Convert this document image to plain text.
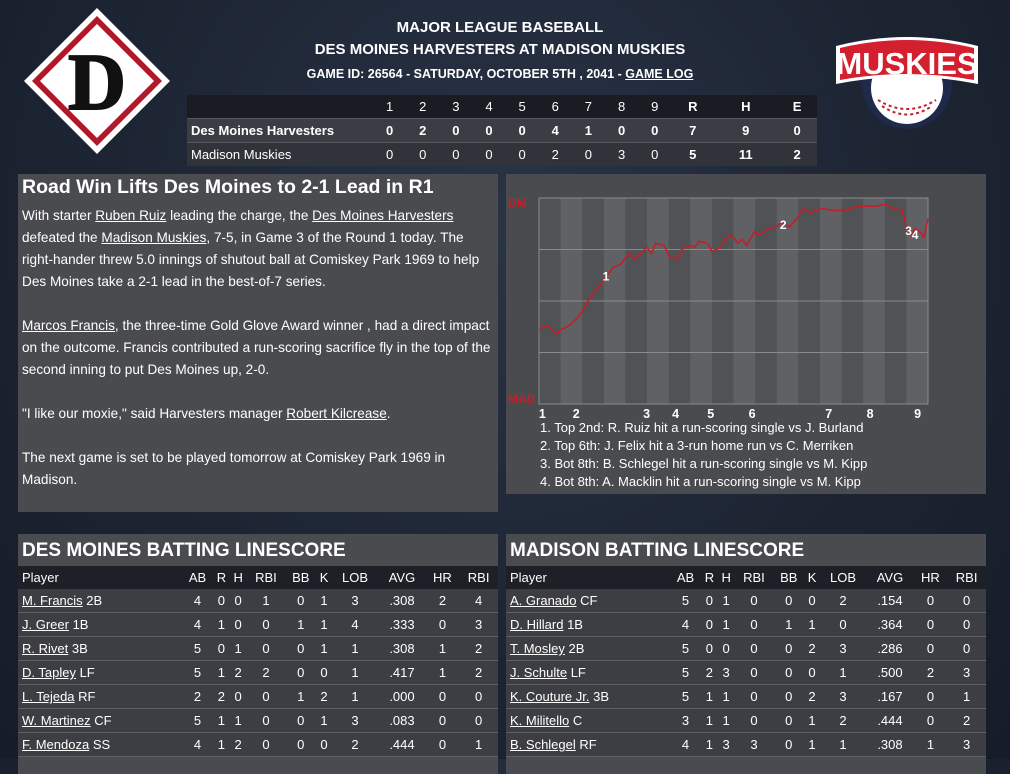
MAJOR LEAGUE BASEBALL
DES MOINES HARVESTERS AT MADISON MUSKIES
GAME ID: 26564 - SATURDAY, OCTOBER 5TH , 2041 - GAME LOG
D	MUSKIES
	1	2	3	4	5	6	7	8	9	R	H	E
Des Moines Harvesters	0	2	0	0	0	4	1	0	0	7	9	0
Madison Muskies	0	0	0	0	0	2	0	3	0	5	11	2
Road Win Lifts Des Moines to 2-1 Lead in R1

With starter Ruben Ruiz leading the charge, the Des Moines Harvesters defeated the Madison Muskies, 7-5, in Game 3 of the Round 1 today. The right-hander threw 5.0 innings of shutout ball at Comiskey Park 1969 to help Des Moines take a 2-1 lead in the best-of-7 series.

Marcos Francis, the three-time Gold Glove Award winner , had a direct impact on the outcome. Francis contributed a run-scoring sacrifice fly in the top of the second inning to put Des Moines up, 2-0.

"I like our moxie," said Harvesters manager Robert Kilcrease.

The next game is set to be played tomorrow at Comiskey Park 1969 in Madison.

DM
MAD
1
2	3 4
1 2	3 4 5	6	7	8	9
1. Top 2nd: R. Ruiz hit a run-scoring single vs J. Burland
2. Top 6th: J. Felix hit a 3-run home run vs C. Merriken
3. Bot 8th: B. Schlegel hit a run-scoring single vs M. Kipp
4. Bot 8th: A. Macklin hit a run-scoring single vs M. Kipp
DES MOINES BATTING LINESCORE
Player	AB	R	H	RBI	BB	K	LOB	AVG	HR	RBI
M. Francis 2B	4	0	0	1	0	1	3	.308	2	4
J. Greer 1B	4	1	0	0	1	1	4	.333	0	3
R. Rivet 3B	5	0	1	0	0	1	1	.308	1	2
D. Tapley LF	5	1	2	2	0	0	1	.417	1	2
L. Tejeda RF	2	2	0	0	1	2	1	.000	0	0
W. Martinez CF	5	1	1	0	0	1	3	.083	0	0
F. Mendoza SS	4	1	2	0	0	0	2	.444	0	1
MADISON BATTING LINESCORE
Player	AB	R	H	RBI	BB	K	LOB	AVG	HR	RBI
A. Granado CF	5	0	1	0	0	0	2	.154	0	0
D. Hillard 1B	4	0	1	0	1	1	0	.364	0	0
T. Mosley 2B	5	0	0	0	0	2	3	.286	0	0
J. Schulte LF	5	2	3	0	0	0	1	.500	2	3
K. Couture Jr. 3B	5	1	1	0	0	2	3	.167	0	1
K. Militello C	3	1	1	0	0	1	2	.444	0	2
B. Schlegel RF	4	1	3	3	0	1	1	.308	1	3
